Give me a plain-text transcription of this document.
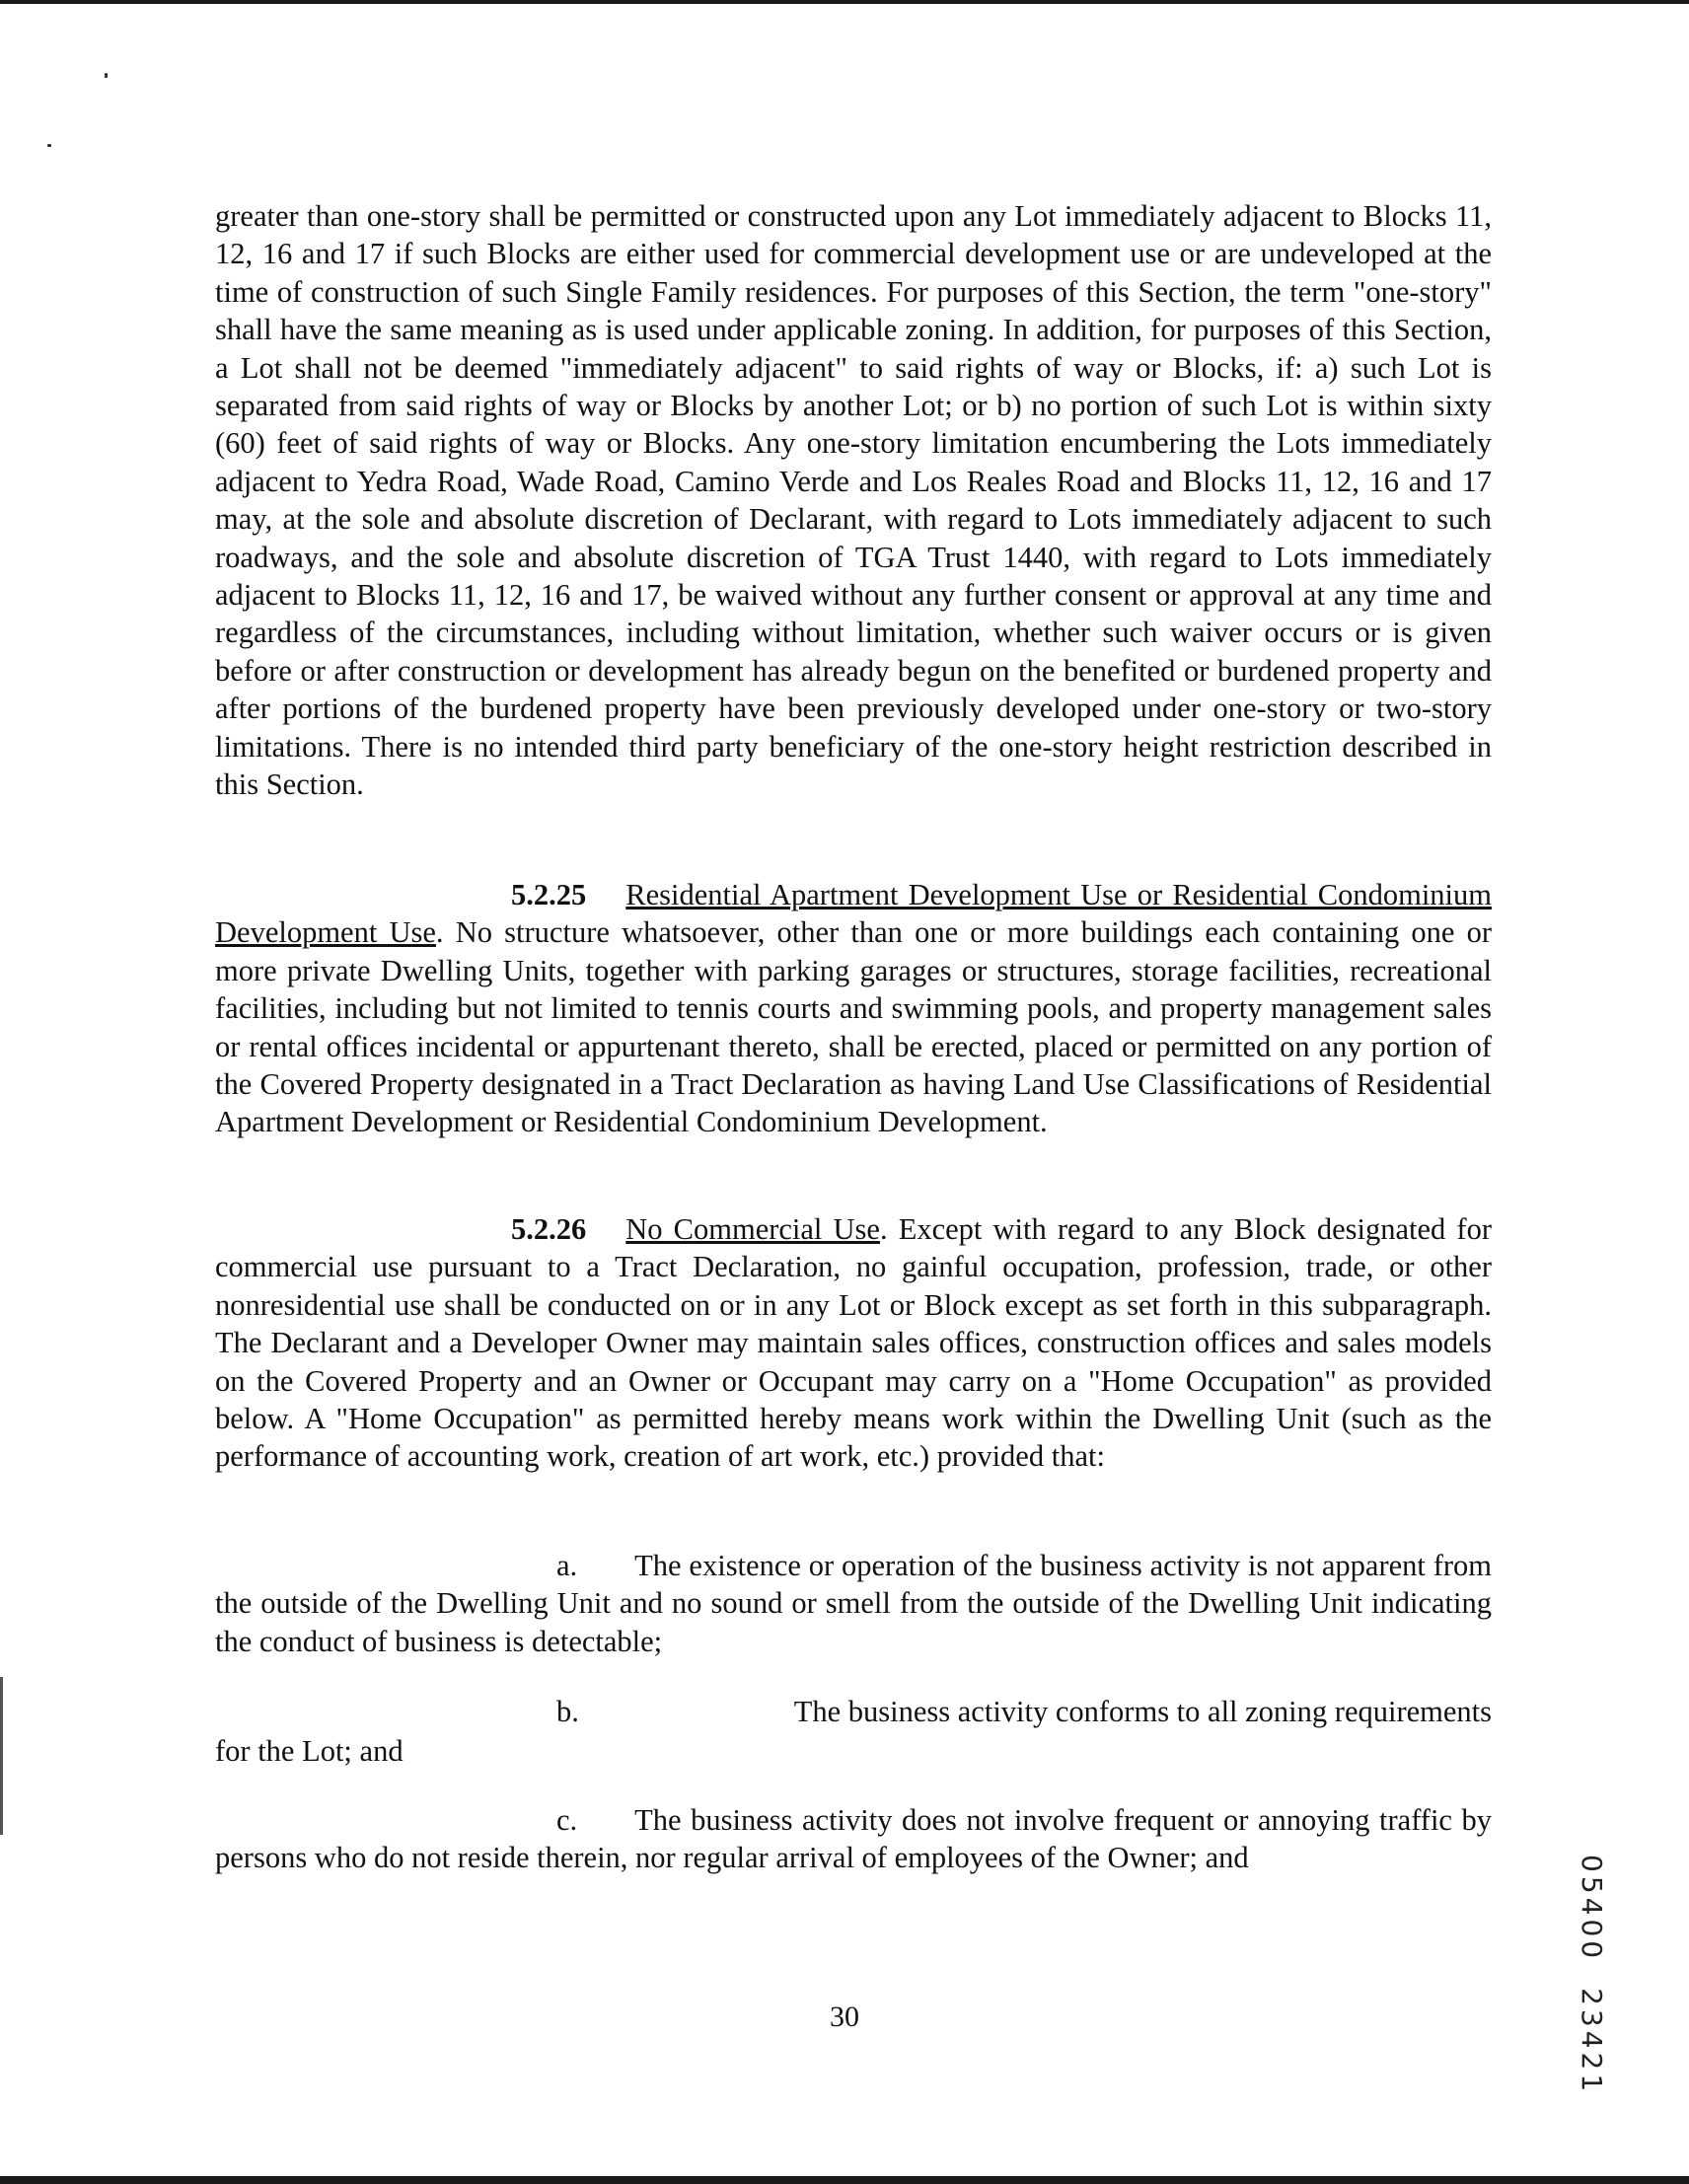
greater than one-story shall be permitted or constructed upon any Lot immediately adjacent to Blocks 11, 12, 16 and 17 if such Blocks are either used for commercial development use or are undeveloped at the time of construction of such Single Family residences. For purposes of this Section, the term "one-story" shall have the same meaning as is used under applicable zoning. In addition, for purposes of this Section, a Lot shall not be deemed "immediately adjacent" to said rights of way or Blocks, if: a) such Lot is separated from said rights of way or Blocks by another Lot; or b) no portion of such Lot is within sixty (60) feet of said rights of way or Blocks. Any one-story limitation encumbering the Lots immediately adjacent to Yedra Road, Wade Road, Camino Verde and Los Reales Road and Blocks 11, 12, 16 and 17 may, at the sole and absolute discretion of Declarant, with regard to Lots immediately adjacent to such roadways, and the sole and absolute discretion of TGA Trust 1440, with regard to Lots immediately adjacent to Blocks 11, 12, 16 and 17, be waived without any further consent or approval at any time and regardless of the circumstances, including without limitation, whether such waiver occurs or is given before or after construction or development has already begun on the benefited or burdened property and after portions of the burdened property have been previously developed under one-story or two-story limitations. There is no intended third party beneficiary of the one-story height restriction described in this Section.

5.2.25 Residential Apartment Development Use or Residential Condominium Development Use. No structure whatsoever, other than one or more buildings each containing one or more private Dwelling Units, together with parking garages or structures, storage facilities, recreational facilities, including but not limited to tennis courts and swimming pools, and property management sales or rental offices incidental or appurtenant thereto, shall be erected, placed or permitted on any portion of the Covered Property designated in a Tract Declaration as having Land Use Classifications of Residential Apartment Development or Residential Condominium Development.

5.2.26 No Commercial Use. Except with regard to any Block designated for commercial use pursuant to a Tract Declaration, no gainful occupation, profession, trade, or other nonresidential use shall be conducted on or in any Lot or Block except as set forth in this subparagraph. The Declarant and a Developer Owner may maintain sales offices, construction offices and sales models on the Covered Property and an Owner or Occupant may carry on a "Home Occupation" as provided below. A "Home Occupation" as permitted hereby means work within the Dwelling Unit (such as the performance of accounting work, creation of art work, etc.) provided that:

a. The existence or operation of the business activity is not apparent from the outside of the Dwelling Unit and no sound or smell from the outside of the Dwelling Unit indicating the conduct of business is detectable;

b.	The business activity conforms to all zoning requirements
for the Lot; and

c. The business activity does not involve frequent or annoying traffic by persons who do not reside therein, nor regular arrival of employees of the Owner; and

30
0540023421
